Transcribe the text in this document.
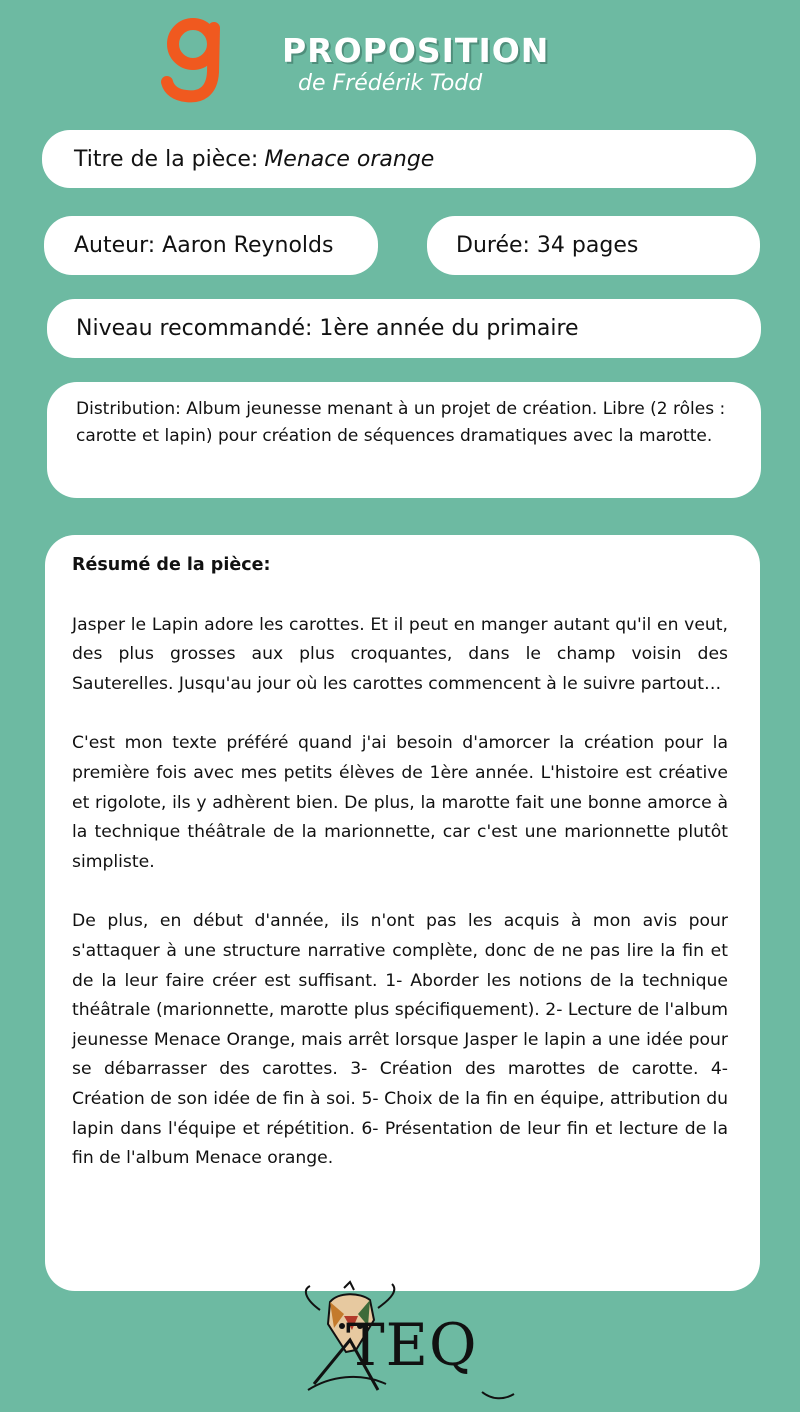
PROPOSITION
de Frédérik Todd
Titre de la pièce: Menace orange
Auteur: Aaron Reynolds	Durée: 34 pages
Niveau recommandé: 1ère année du primaire
Distribution: Album jeunesse menant à un projet de création. Libre (2 rôles : carotte et lapin) pour création de séquences dramatiques avec la marotte.

Résumé de la pièce:

Jasper le Lapin adore les carottes. Et il peut en manger autant qu'il en veut, des plus grosses aux plus croquantes, dans le champ voisin des Sauterelles. Jusqu'au jour où les carottes commencent à le suivre partout…

C'est mon texte préféré quand j'ai besoin d'amorcer la création pour la première fois avec mes petits élèves de 1ère année. L'histoire est créative et rigolote, ils y adhèrent bien. De plus, la marotte fait une bonne amorce à la technique théâtrale de la marionnette, car c'est une marionnette plutôt simpliste.

De plus, en début d'année, ils n'ont pas les acquis à mon avis pour s'attaquer à une structure narrative complète, donc de ne pas lire la fin et de la leur faire créer est suffisant. 1- Aborder les notions de la technique théâtrale (marionnette, marotte plus spécifiquement). 2- Lecture de l'album jeunesse Menace Orange, mais arrêt lorsque Jasper le lapin a une idée pour se débarrasser des carottes. 3- Création des marottes de carotte. 4- Création de son idée de fin à soi. 5- Choix de la fin en équipe, attribution du lapin dans l'équipe et répétition. 6- Présentation de leur fin et lecture de la fin de l'album Menace orange.

TEQ
